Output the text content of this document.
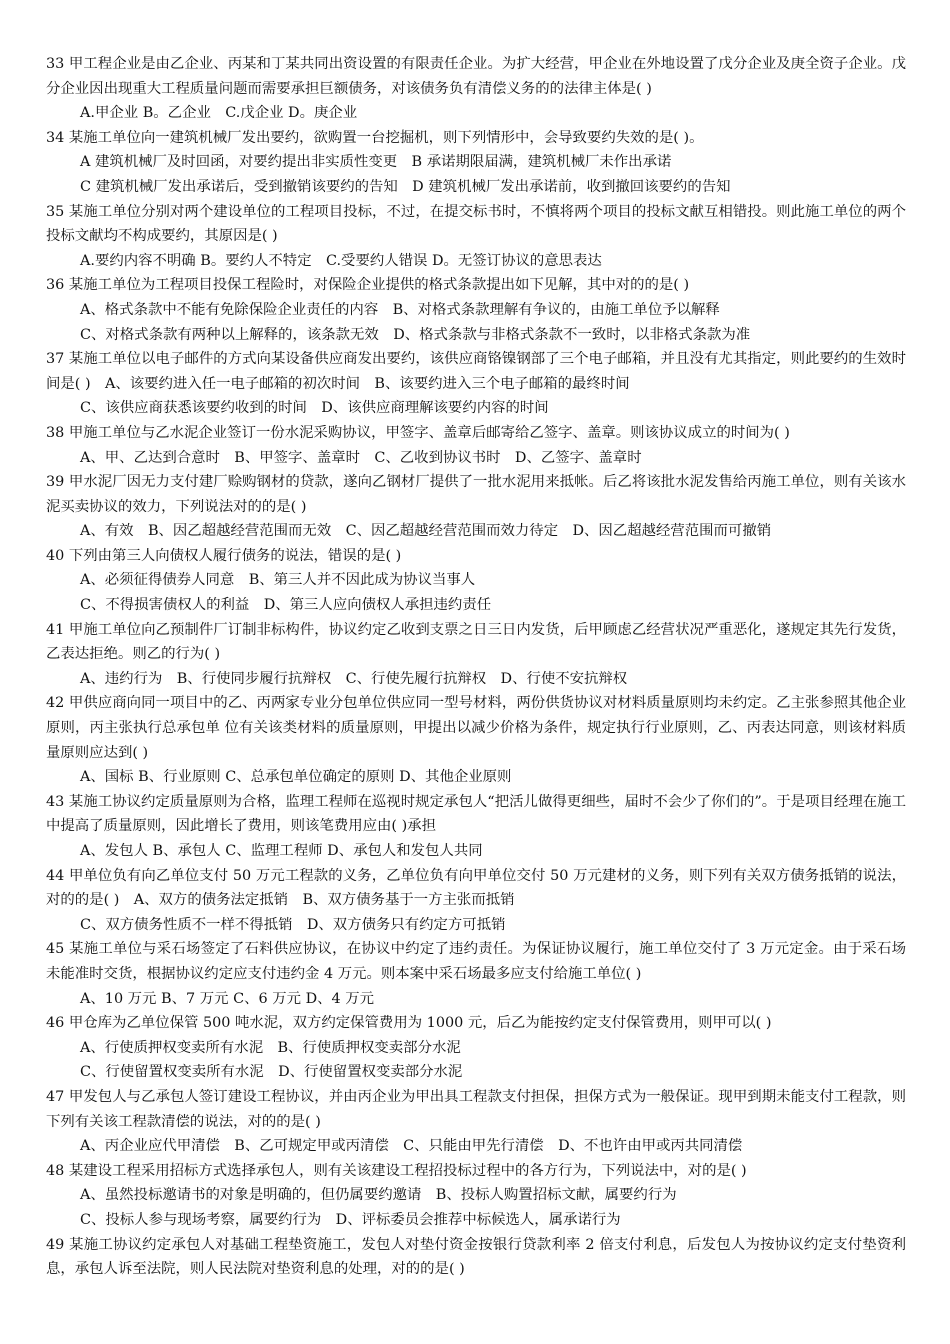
33 甲工程企业是由乙企业、丙某和丁某共同出资设置的有限责任企业。为扩大经营，甲企业在外地设置了戊分企业及庚全资子企业。戊分企业因出现重大工程质量问题而需要承担巨额债务，对该债务负有清偿义务的的法律主体是( )

A.甲企业 B。乙企业　C.戊企业 D。庚企业

34 某施工单位向一建筑机械厂发出要约，欲购置一台挖掘机，则下列情形中，会导致要约失效的是( )。

A 建筑机械厂及时回函，对要约提出非实质性变更　B 承诺期限届满，建筑机械厂未作出承诺

C 建筑机械厂发出承诺后，受到撤销该要约的告知　D 建筑机械厂发出承诺前，收到撤回该要约的告知

35 某施工单位分别对两个建设单位的工程项目投标，不过，在提交标书时，不慎将两个项目的投标文献互相错投。则此施工单位的两个投标文献均不构成要约，其原因是( )

A.要约内容不明确 B。要约人不特定　C.受要约人错误 D。无签订协议的意思表达

36 某施工单位为工程项目投保工程险时，对保险企业提供的格式条款提出如下见解，其中对的的是( )

A、格式条款中不能有免除保险企业责任的内容　B、对格式条款理解有争议的，由施工单位予以解释

C、对格式条款有两种以上解释的，该条款无效　D、格式条款与非格式条款不一致时，以非格式条款为准

37 某施工单位以电子邮件的方式向某设备供应商发出要约，该供应商铬镍钢部了三个电子邮箱，并且没有尤其指定，则此要约的生效时间是( )　A、该要约进入任一电子邮箱的初次时间　B、该要约进入三个电子邮箱的最终时间

C、该供应商获悉该要约收到的时间　D、该供应商理解该要约内容的时间

38 甲施工单位与乙水泥企业签订一份水泥采购协议，甲签字、盖章后邮寄给乙签字、盖章。则该协议成立的时间为( )

A、甲、乙达到合意时　B、甲签字、盖章时　C、乙收到协议书时　D、乙签字、盖章时

39 甲水泥厂因无力支付建厂赊购钢材的贷款，遂向乙钢材厂提供了一批水泥用来抵帐。后乙将该批水泥发售给丙施工单位，则有关该水泥买卖协议的效力，下列说法对的的是( )

A、有效　B、因乙超越经营范围而无效　C、因乙超越经营范围而效力待定　D、因乙超越经营范围而可撤销

40 下列由第三人向债权人履行债务的说法，错误的是( )

A、必须征得债券人同意　B、第三人并不因此成为协议当事人

C、不得损害债权人的利益　D、第三人应向债权人承担违约责任

41 甲施工单位向乙预制件厂订制非标构件，协议约定乙收到支票之日三日内发货，后甲顾虑乙经营状况严重恶化，遂规定其先行发货，乙表达拒绝。则乙的行为( )

A、违约行为　B、行使同步履行抗辩权　C、行使先履行抗辩权　D、行使不安抗辩权

42 甲供应商向同一项目中的乙、丙两家专业分包单位供应同一型号材料，两份供货协议对材料质量原则均未约定。乙主张参照其他企业原则，丙主张执行总承包单 位有关该类材料的质量原则，甲提出以减少价格为条件，规定执行行业原则，乙、丙表达同意，则该材料质量原则应达到( )

A、国标 B、行业原则 C、总承包单位确定的原则 D、其他企业原则

43 某施工协议约定质量原则为合格，监理工程师在巡视时规定承包人“把活儿做得更细些，届时不会少了你们的”。于是项目经理在施工中提高了质量原则，因此增长了费用，则该笔费用应由( )承担

A、发包人 B、承包人 C、监理工程师 D、承包人和发包人共同

44 甲单位负有向乙单位支付 50 万元工程款的义务，乙单位负有向甲单位交付 50 万元建材的义务，则下列有关双方债务抵销的说法，对的的是( )　A、双方的债务法定抵销　B、双方债务基于一方主张而抵销

C、双方债务性质不一样不得抵销　D、双方债务只有约定方可抵销

45 某施工单位与采石场签定了石料供应协议，在协议中约定了违约责任。为保证协议履行，施工单位交付了 3 万元定金。由于采石场未能准时交货，根据协议约定应支付违约金 4 万元。则本案中采石场最多应支付给施工单位( )

A、10 万元 B、7 万元 C、6 万元 D、4 万元

46 甲仓库为乙单位保管 500 吨水泥，双方约定保管费用为 1000 元，后乙为能按约定支付保管费用，则甲可以( )

A、行使质押权变卖所有水泥　B、行使质押权变卖部分水泥

C、行使留置权变卖所有水泥　D、行使留置权变卖部分水泥

47 甲发包人与乙承包人签订建设工程协议，并由丙企业为甲出具工程款支付担保，担保方式为一般保证。现甲到期未能支付工程款，则下列有关该工程款清偿的说法，对的的是( )

A、丙企业应代甲清偿　B、乙可规定甲或丙清偿　C、只能由甲先行清偿　D、不也许由甲或丙共同清偿

48 某建设工程采用招标方式选择承包人，则有关该建设工程招投标过程中的各方行为，下列说法中，对的是( )

A、虽然投标邀请书的对象是明确的，但仍属要约邀请　B、投标人购置招标文献，属要约行为

C、投标人参与现场考察，属要约行为　D、评标委员会推荐中标候选人，属承诺行为

49 某施工协议约定承包人对基础工程垫资施工，发包人对垫付资金按银行贷款利率 2 倍支付利息，后发包人为按协议约定支付垫资利息，承包人诉至法院，则人民法院对垫资利息的处理，对的的是( )
